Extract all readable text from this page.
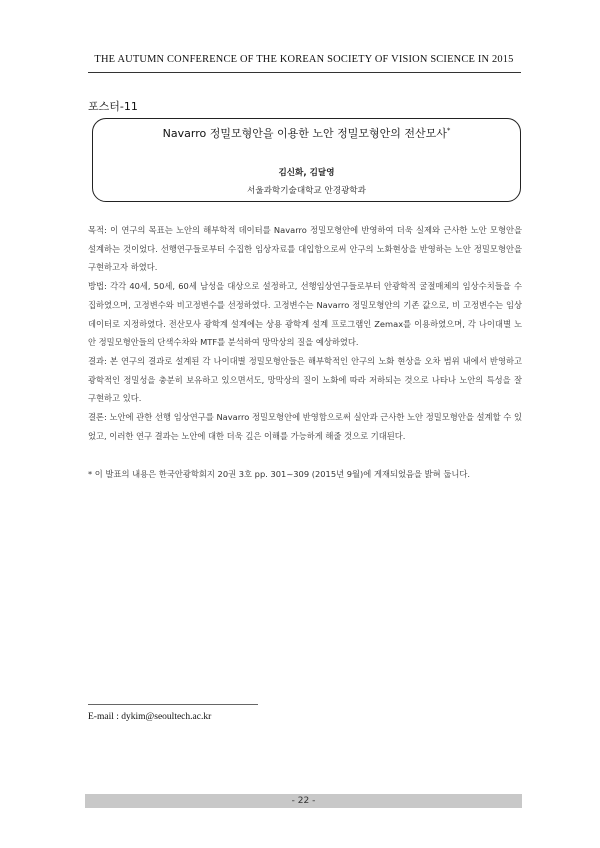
THE AUTUMN CONFERENCE OF THE KOREAN SOCIETY OF VISION SCIENCE IN 2015
포스터-11
Navarro 정밀모형안을 이용한 노안 정밀모형안의 전산모사*
김신화, 김달영
서울과학기술대학교 안경광학과
목적: 이 연구의 목표는 노안의 해부학적 데이터를 Navarro 정밀모형안에 반영하여 더욱 실제와 근사한 노안 모형안을 설계하는 것이었다. 선행연구들로부터 수집한 임상자료를 대입함으로써 안구의 노화현상을 반영하는 노안 정밀모형안을 구현하고자 하였다.
방법: 각각 40세, 50세, 60세 남성을 대상으로 설정하고, 선행임상연구들로부터 안광학적 굴절매체의 임상수치들을 수집하였으며, 고정변수와 비고정변수를 선정하였다. 고정변수는 Navarro 정밀모형안의 기존 값으로, 비 고정변수는 임상데이터로 지정하였다. 전산모사 광학계 설계에는 상용 광학계 설계 프로그램인 Zemax를 이용하였으며, 각 나이대별 노안 정밀모형안들의 단색수차와 MTF를 분석하여 망막상의 질을 예상하였다.
결과: 본 연구의 결과로 설계된 각 나이대별 정밀모형안들은 해부학적인 안구의 노화 현상을 오차 범위 내에서 반영하고 광학적인 정밀성을 충분히 보유하고 있으면서도, 망막상의 질이 노화에 따라 저하되는 것으로 나타나 노안의 특성을 잘 구현하고 있다.
결론: 노안에 관한 선행 임상연구를 Navarro 정밀모형안에 반영함으로써 실안과 근사한 노안 정밀모형안을 설계할 수 있었고, 이러한 연구 결과는 노안에 대한 더욱 깊은 이해를 가능하게 해줄 것으로 기대된다.
* 이 발표의 내용은 한국안광학회지 20권 3호 pp. 301~309 (2015년 9월)에 게재되었음을 밝혀 둡니다.
E-mail : dykim@seoultech.ac.kr
- 22 -
